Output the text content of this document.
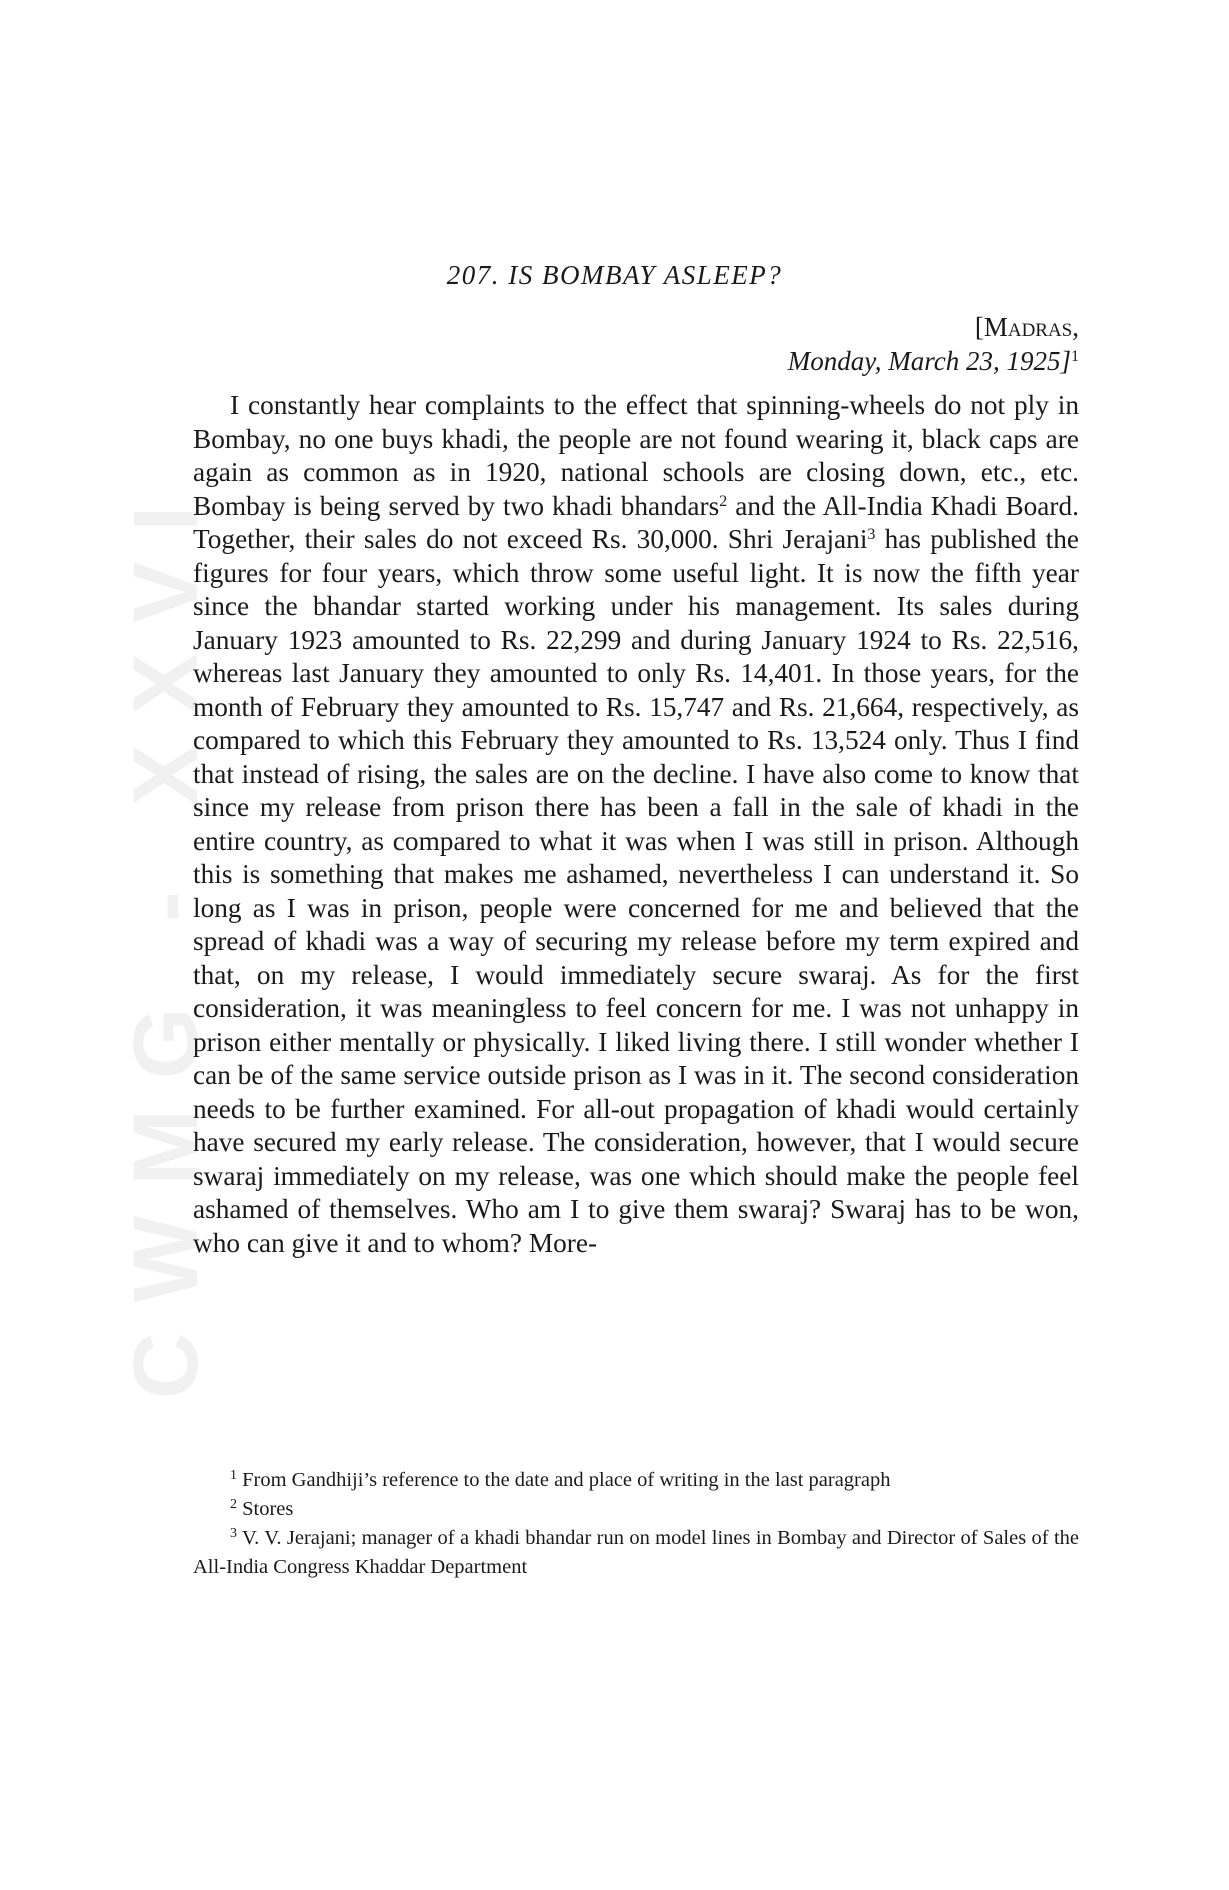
CWMG - XXVI
207. IS BOMBAY ASLEEP?
[Madras,
Monday, March 23, 1925]$^1$

I constantly hear complaints to the effect that spinning-wheels do not ply in Bombay, no one buys khadi, the people are not found wearing it, black caps are again as common as in 1920, national schools are closing down, etc., etc. Bombay is being served by two khadi bhandars$^2$ and the All-India Khadi Board. Together, their sales do not exceed Rs. 30,000. Shri Jerajani$^3$ has published the figures for four years, which throw some useful light. It is now the fifth year since the bhandar started working under his management. Its sales during January 1923 amounted to Rs. 22,299 and during January 1924 to Rs. 22,516, whereas last January they amounted to only Rs. 14,401. In those years, for the month of February they amounted to Rs. 15,747 and Rs. 21,664, respectively, as compared to which this February they amounted to Rs. 13,524 only. Thus I find that instead of rising, the sales are on the decline. I have also come to know that since my release from prison there has been a fall in the sale of khadi in the entire country, as compared to what it was when I was still in prison. Although this is something that makes me ashamed, nevertheless I can understand it. So long as I was in prison, people were concerned for me and believed that the spread of khadi was a way of securing my release before my term expired and that, on my release, I would immediately secure swaraj. As for the first consideration, it was meaningless to feel concern for me. I was not unhappy in prison either mentally or physically. I liked living there. I still wonder whether I can be of the same service outside prison as I was in it. The second consideration needs to be further examined. For all-out propagation of khadi would certainly have secured my early release. The consideration, however, that I would secure swaraj immediately on my release, was one which should make the people feel ashamed of themselves. Who am I to give them swaraj? Swaraj has to be won, who can give it and to whom? More-

$^1$ From Gandhiji’s reference to the date and place of writing in the last paragraph

$^2$ Stores

$^3$ V. V. Jerajani; manager of a khadi bhandar run on model lines in Bombay and Director of Sales of the All-India Congress Khaddar Department
